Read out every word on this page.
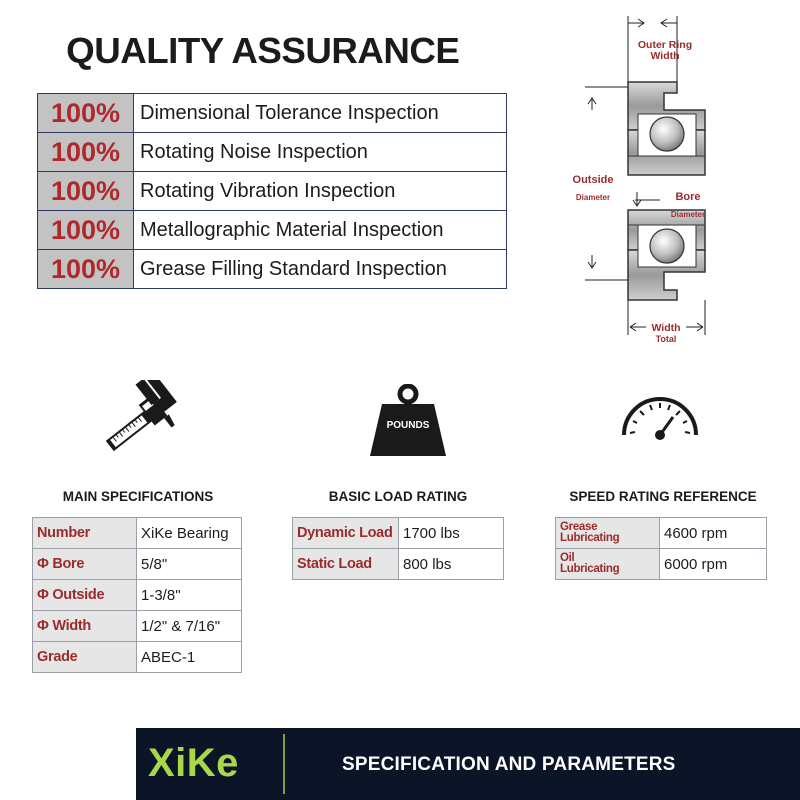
QUALITY ASSURANCE
100% Dimensional Tolerance Inspection
100% Rotating Noise Inspection
100% Rotating Vibration Inspection
100% Metallographic Material Inspection
100% Grease Filling Standard Inspection
Outer Ring
Width
Outside
Diameter	Bore
Diameter
Width
Total
POUNDS
MAIN SPECIFICATIONS
Number	XiKe Bearing
Φ Bore	5/8"
Φ Outside	1-3/8"
Φ Width	1/2" & 7/16"
Grade	ABEC-1
BASIC LOAD RATING
Dynamic Load	1700 lbs
Static Load	800 lbs
SPEED RATING REFERENCE
Grease
Lubricating	4600 rpm
Oil
Lubricating	6000 rpm
XiKe	SPECIFICATION AND PARAMETERS
